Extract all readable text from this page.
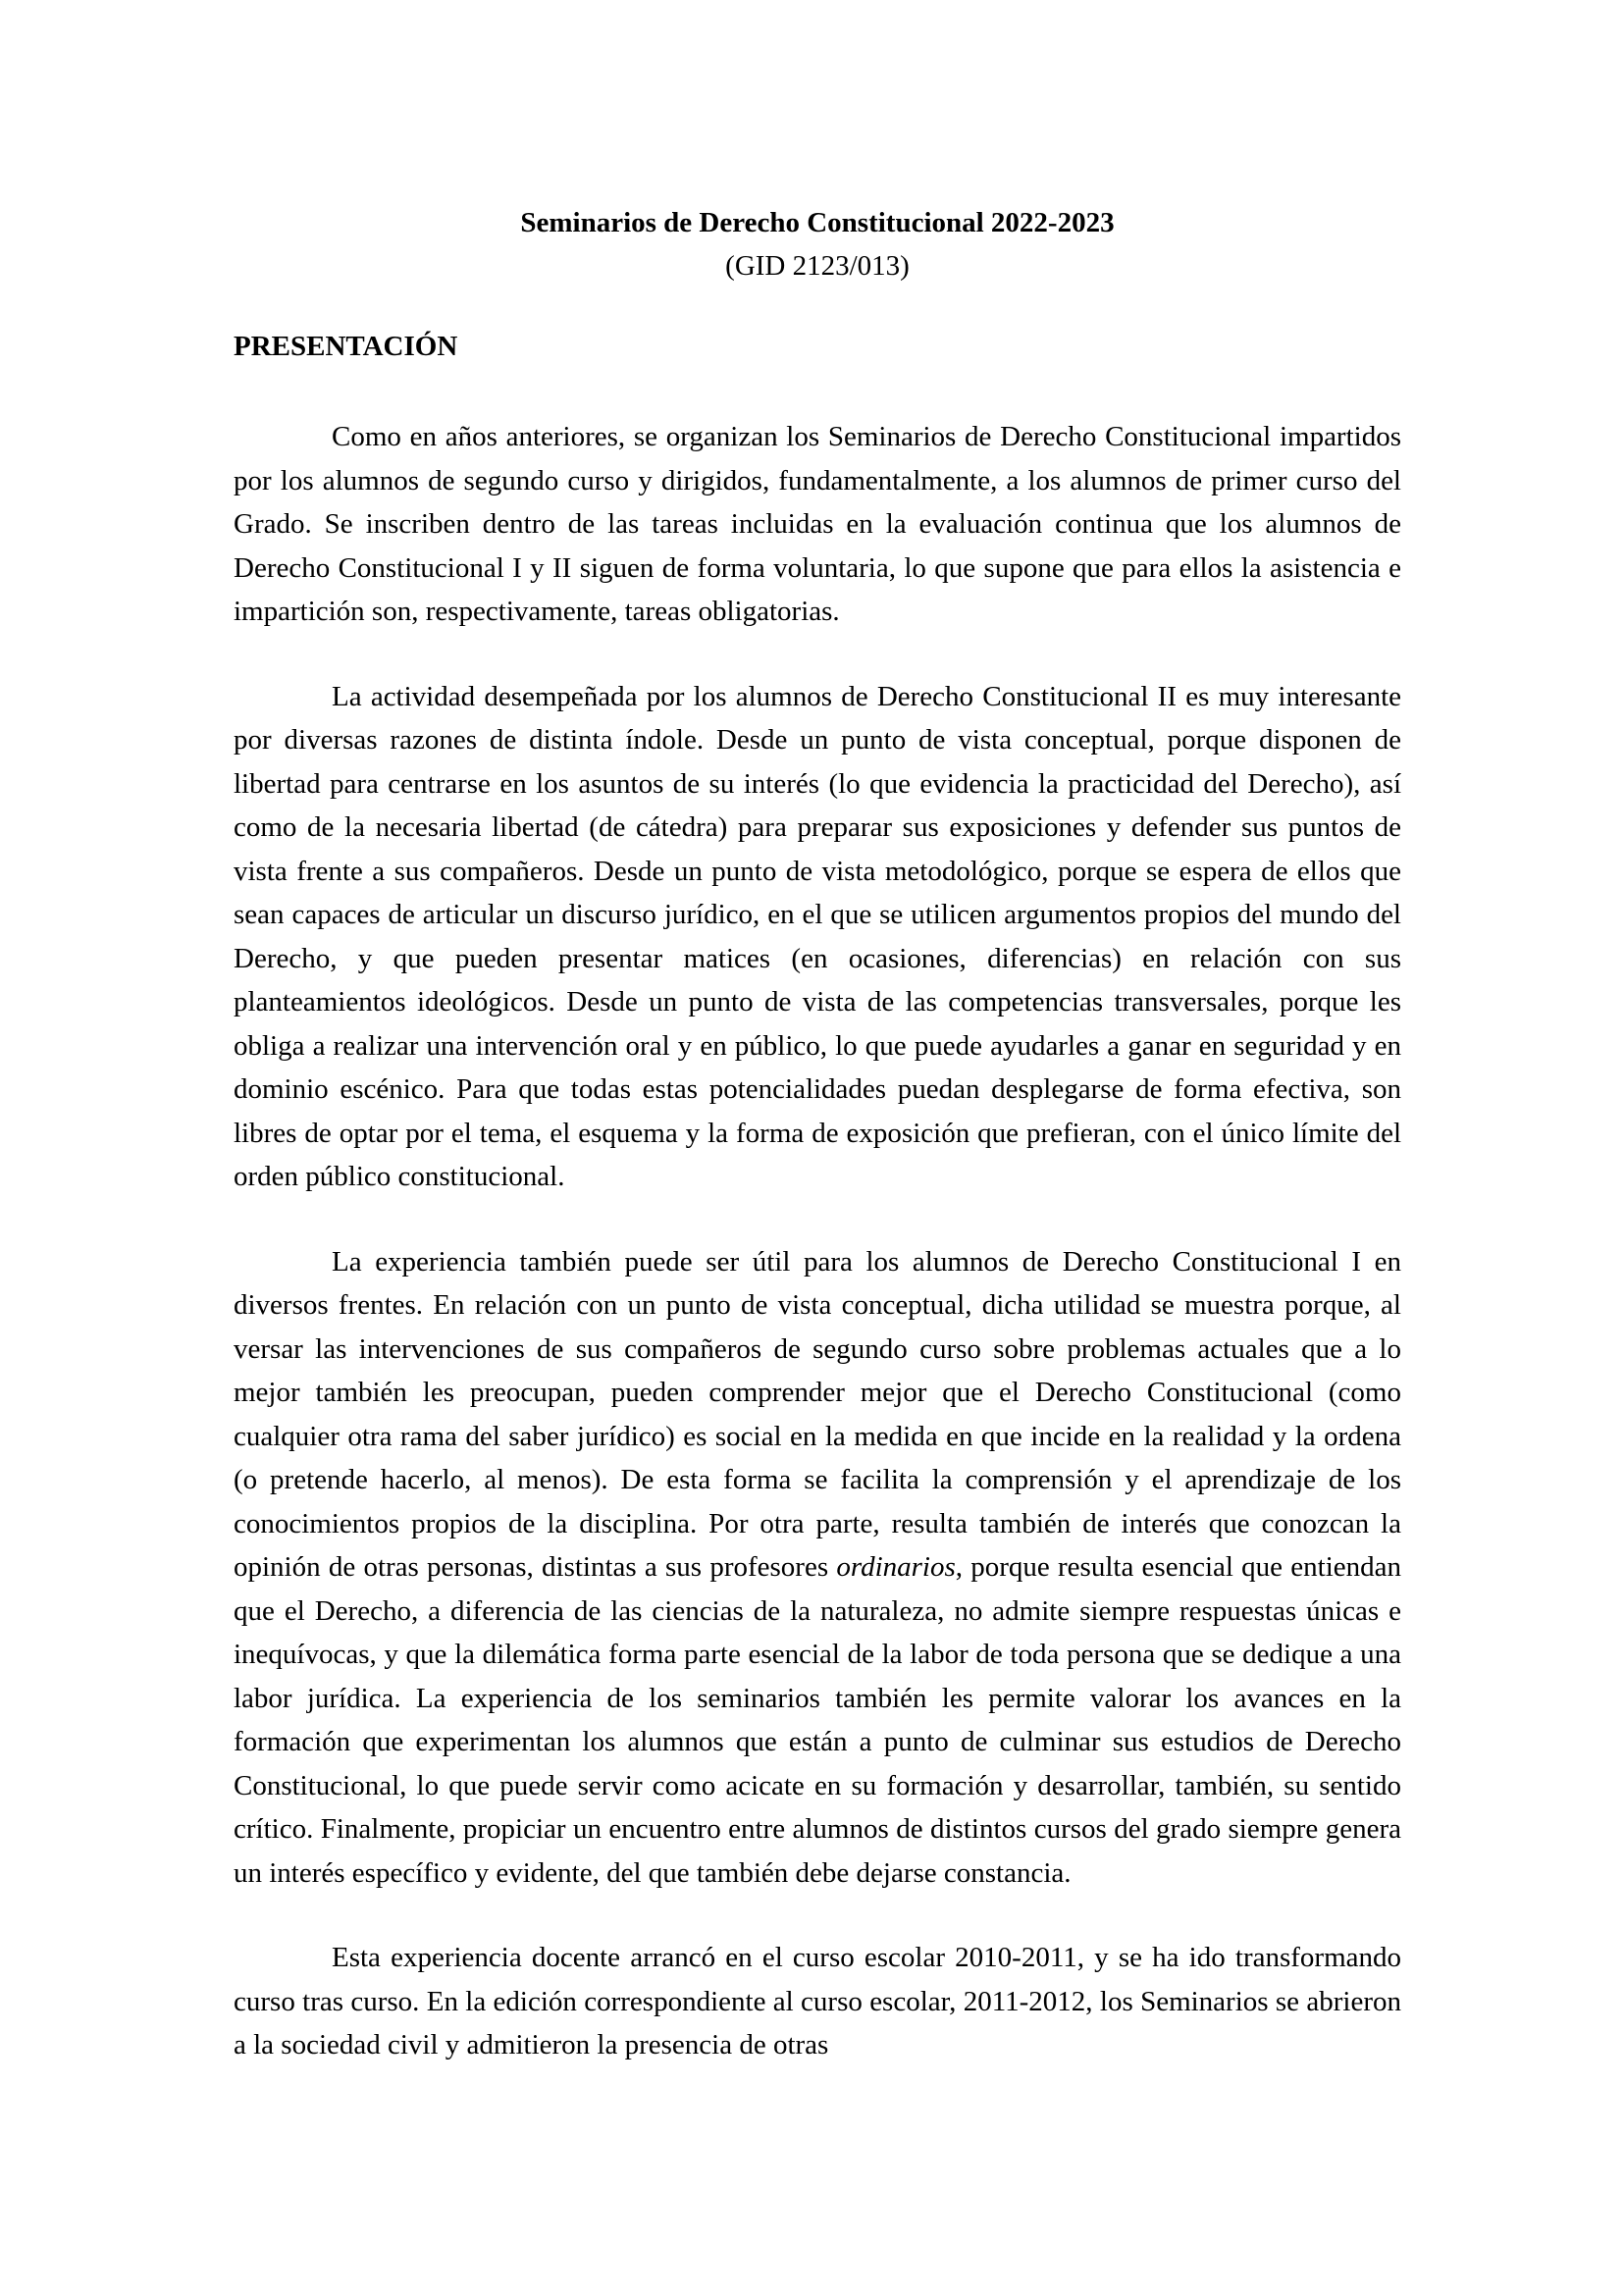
Seminarios de Derecho Constitucional 2022-2023

(GID 2123/013)

PRESENTACIÓN

Como en años anteriores, se organizan los Seminarios de Derecho Constitucional impartidos por los alumnos de segundo curso y dirigidos, fundamentalmente, a los alumnos de primer curso del Grado. Se inscriben dentro de las tareas incluidas en la evaluación continua que los alumnos de Derecho Constitucional I y II siguen de forma voluntaria, lo que supone que para ellos la asistencia e impartición son, respectivamente, tareas obligatorias.

La actividad desempeñada por los alumnos de Derecho Constitucional II es muy interesante por diversas razones de distinta índole. Desde un punto de vista conceptual, porque disponen de libertad para centrarse en los asuntos de su interés (lo que evidencia la practicidad del Derecho), así como de la necesaria libertad (de cátedra) para preparar sus exposiciones y defender sus puntos de vista frente a sus compañeros. Desde un punto de vista metodológico, porque se espera de ellos que sean capaces de articular un discurso jurídico, en el que se utilicen argumentos propios del mundo del Derecho, y que pueden presentar matices (en ocasiones, diferencias) en relación con sus planteamientos ideológicos. Desde un punto de vista de las competencias transversales, porque les obliga a realizar una intervención oral y en público, lo que puede ayudarles a ganar en seguridad y en dominio escénico. Para que todas estas potencialidades puedan desplegarse de forma efectiva, son libres de optar por el tema, el esquema y la forma de exposición que prefieran, con el único límite del orden público constitucional.

La experiencia también puede ser útil para los alumnos de Derecho Constitucional I en diversos frentes. En relación con un punto de vista conceptual, dicha utilidad se muestra porque, al versar las intervenciones de sus compañeros de segundo curso sobre problemas actuales que a lo mejor también les preocupan, pueden comprender mejor que el Derecho Constitucional (como cualquier otra rama del saber jurídico) es social en la medida en que incide en la realidad y la ordena (o pretende hacerlo, al menos). De esta forma se facilita la comprensión y el aprendizaje de los conocimientos propios de la disciplina. Por otra parte, resulta también de interés que conozcan la opinión de otras personas, distintas a sus profesores ordinarios, porque resulta esencial que entiendan que el Derecho, a diferencia de las ciencias de la naturaleza, no admite siempre respuestas únicas e inequívocas, y que la dilemática forma parte esencial de la labor de toda persona que se dedique a una labor jurídica. La experiencia de los seminarios también les permite valorar los avances en la formación que experimentan los alumnos que están a punto de culminar sus estudios de Derecho Constitucional, lo que puede servir como acicate en su formación y desarrollar, también, su sentido crítico. Finalmente, propiciar un encuentro entre alumnos de distintos cursos del grado siempre genera un interés específico y evidente, del que también debe dejarse constancia.

Esta experiencia docente arrancó en el curso escolar 2010-2011, y se ha ido transformando curso tras curso. En la edición correspondiente al curso escolar, 2011-2012, los Seminarios se abrieron a la sociedad civil y admitieron la presencia de otras
